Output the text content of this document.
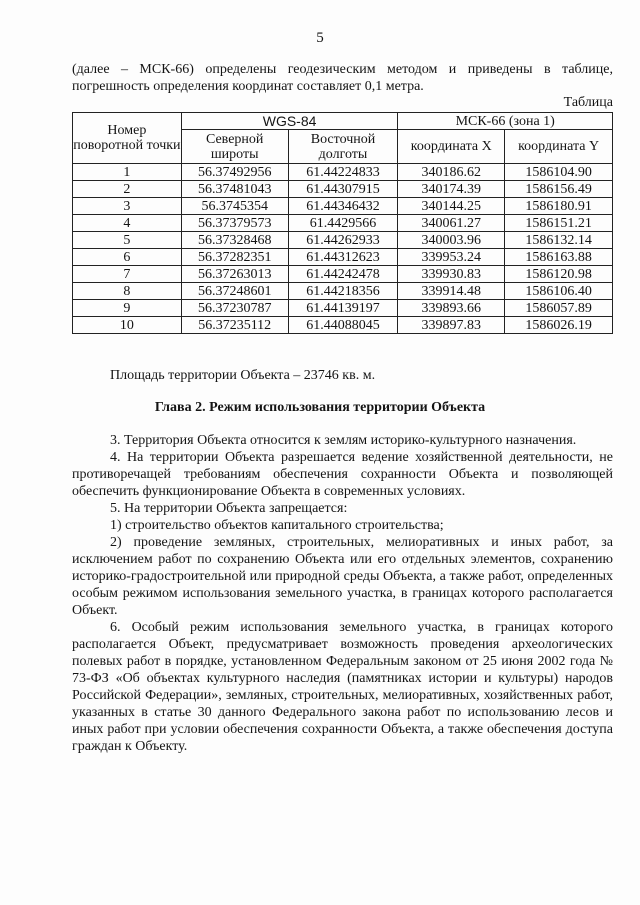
5
(далее – МСК-66) определены геодезическим методом и приведены в таблице, погрешность определения координат составляет 0,1 метра.
Таблица
Номер поворотной точки	WGS-84		МСК-66 (зона 1)	
	Северной широты	Восточной долготы	координата X	координата Y
1	56.37492956	61.44224833	340186.62	1586104.90
2	56.37481043	61.44307915	340174.39	1586156.49
3	56.3745354	61.44346432	340144.25	1586180.91
4	56.37379573	61.4429566	340061.27	1586151.21
5	56.37328468	61.44262933	340003.96	1586132.14
6	56.37282351	61.44312623	339953.24	1586163.88
7	56.37263013	61.44242478	339930.83	1586120.98
8	56.37248601	61.44218356	339914.48	1586106.40
9	56.37230787	61.44139197	339893.66	1586057.89
10	56.37235112	61.44088045	339897.83	1586026.19
Площадь территории Объекта – 23746 кв. м.
Глава 2. Режим использования территории Объекта

3. Территория Объекта относится к землям историко-культурного назначения.

4. На территории Объекта разрешается ведение хозяйственной деятельности, не противоречащей требованиям обеспечения сохранности Объекта и позволяющей обеспечить функционирование Объекта в современных условиях.

5. На территории Объекта запрещается:

1) строительство объектов капитального строительства;

2) проведение земляных, строительных, мелиоративных и иных работ, за исключением работ по сохранению Объекта или его отдельных элементов, сохранению историко-градостроительной или природной среды Объекта, а также работ, определенных особым режимом использования земельного участка, в границах которого располагается Объект.

6. Особый режим использования земельного участка, в границах которого располагается Объект, предусматривает возможность проведения археологических полевых работ в порядке, установленном Федеральным законом от 25 июня 2002 года № 73-ФЗ «Об объектах культурного наследия (памятниках истории и культуры) народов Российской Федерации», земляных, строительных, мелиоративных, хозяйственных работ, указанных в статье 30 данного Федерального закона работ по использованию лесов и иных работ при условии обеспечения сохранности Объекта, а также обеспечения доступа граждан к Объекту.
